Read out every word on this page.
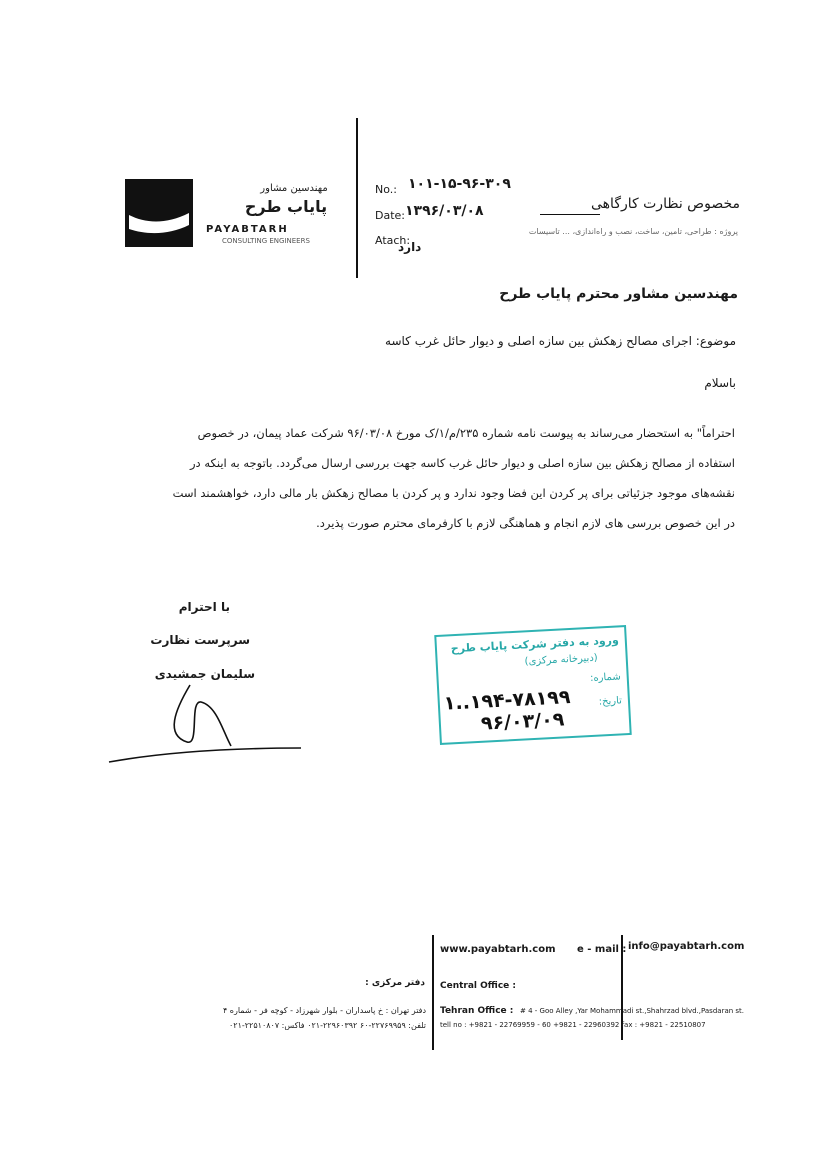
مهندسین مشاور
پایاب طرح
PAYABTARH
CONSULTING ENGINEERS
No.: ۱۰۱-۱۵-۹۶-۳۰۹
Date: ۱۳۹۶/۰۳/۰۸
Atach:
دارد
مخصوص نظارت کارگاهی
پروژه : طراحی، تامین، ساخت، نصب و راه‌اندازی، ... تاسیسات
مهندسین مشاور محترم پایاب طرح
موضوع: اجرای مصالح زهکش بین سازه اصلی و دیوار حائل غرب کاسه
باسلام
احتراماً" به استحضار می‌رساند به پیوست نامه شماره ۲۳۵/م/۱/ک مورخ ۹۶/۰۳/۰۸ شرکت عماد پیمان، در خصوص
استفاده از مصالح زهکش بین سازه اصلی و دیوار حائل غرب کاسه جهت بررسی ارسال می‌گردد. باتوجه به اینکه در
نقشه‌های موجود جزئیاتی برای پر کردن این فضا وجود ندارد و پر کردن با مصالح زهکش بار مالی دارد، خواهشمند است
در این خصوص بررسی های لازم انجام و هماهنگی لازم با کارفرمای محترم صورت پذیرد.
با احترام
سرپرست نظارت
سلیمان جمشیدی
ورود به دفتر شرکت پایاب طرح
(دبیرخانه مرکزی)
شماره:
۱..۱۹۴-۷۸۱۹۹	تاریخ:
۹۶/۰۳/۰۹
www.payabtarh.com e - mail : info@payabtarh.com
دفتر مرکزی : Central Office :
دفتر تهران : خ پاسداران - بلوار شهرزاد - کوچه فر - شماره ۴
تلفن: ۲۲۷۶۹۹۵۹-۶۰ ۲۲۹۶۰۳۹۲-۰۲۱ فاکس: ۲۲۵۱۰۸۰۷-۰۲۱
Tehran Office : # 4 - Goo Alley ,Yar Mohammadi st.,Shahrzad blvd.,Pasdaran st.
tell no : +9821 - 22769959 - 60 +9821 - 22960392 fax : +9821 - 22510807
